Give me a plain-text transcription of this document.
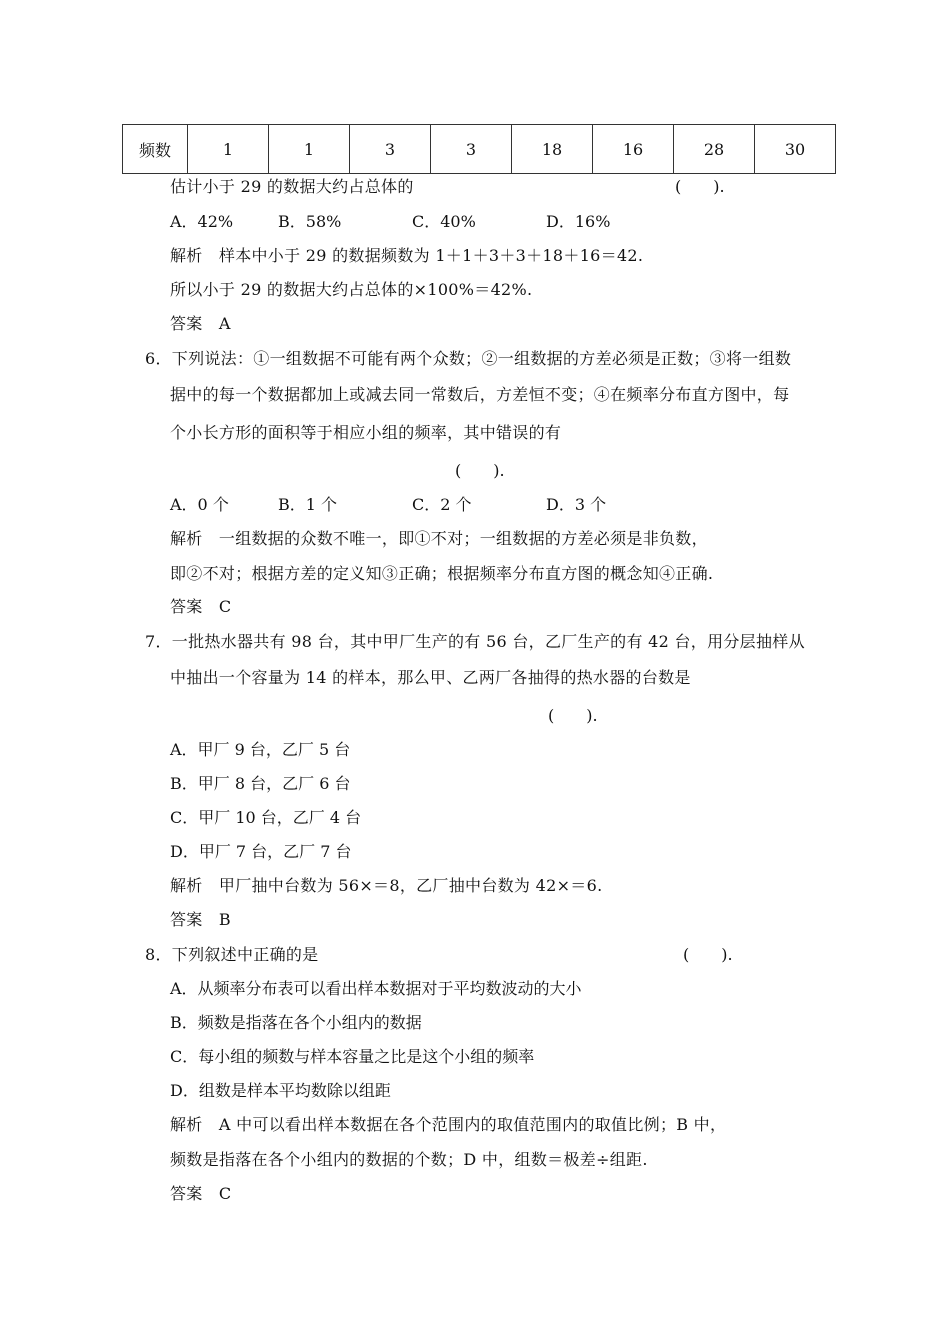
频数	1	1	3	3	18	16	28	30
估计小于 29 的数据大约占总体的	(　　).
A．42%	B．58%	C．40%	D．16%
解析　样本中小于 29 的数据频数为 1＋1＋3＋3＋18＋16＝42.
所以小于 29 的数据大约占总体的×100%＝42%.
答案　A
6．下列说法：①一组数据不可能有两个众数；②一组数据的方差必须是正数；③将一组数
据中的每一个数据都加上或减去同一常数后，方差恒不变；④在频率分布直方图中，每
个小长方形的面积等于相应小组的频率，其中错误的有
(　　).
A．0 个	B．1 个	C．2 个	D．3 个
解析　一组数据的众数不唯一，即①不对；一组数据的方差必须是非负数，
即②不对；根据方差的定义知③正确；根据频率分布直方图的概念知④正确.
答案　C
7．一批热水器共有 98 台，其中甲厂生产的有 56 台，乙厂生产的有 42 台，用分层抽样从
中抽出一个容量为 14 的样本，那么甲、乙两厂各抽得的热水器的台数是
(　　).
A．甲厂 9 台，乙厂 5 台
B．甲厂 8 台，乙厂 6 台
C．甲厂 10 台，乙厂 4 台
D．甲厂 7 台，乙厂 7 台
解析　甲厂抽中台数为 56×＝8，乙厂抽中台数为 42×＝6.
答案　B
8．下列叙述中正确的是	(　　).
A．从频率分布表可以看出样本数据对于平均数波动的大小
B．频数是指落在各个小组内的数据
C．每小组的频数与样本容量之比是这个小组的频率
D．组数是样本平均数除以组距
解析　A 中可以看出样本数据在各个范围内的取值范围内的取值比例；B 中，
频数是指落在各个小组内的数据的个数；D 中，组数＝极差÷组距.
答案　C
